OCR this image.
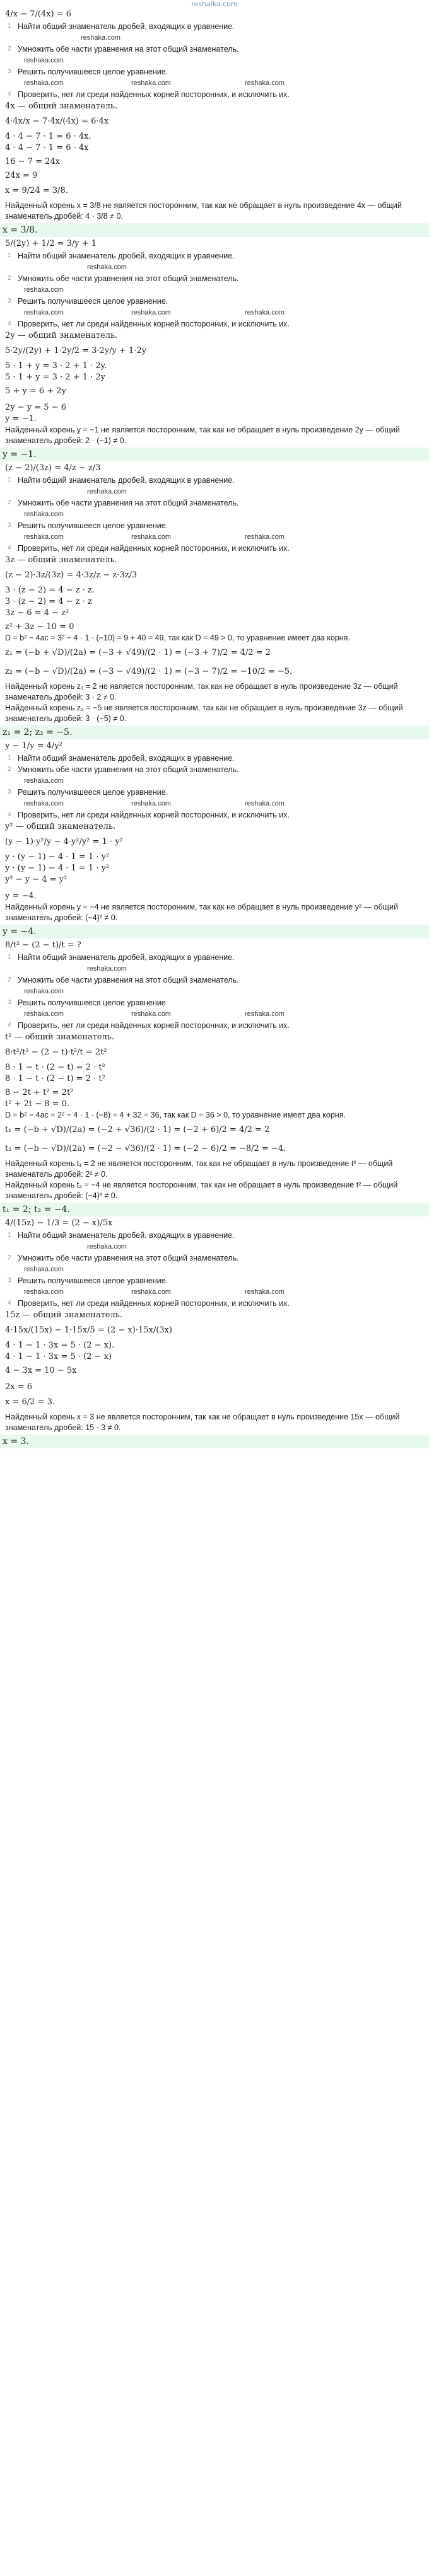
reshalka.com

4/x − 7/(4x) = 6

1 Найти общий знаменатель дробей, входящих в уравнение.
reshaka.com
2 Умножить обе части уравнения на этот общий знаменатель.
reshaka.com
3 Решить получившееся целое уравнение.
reshaka.com	reshaka.com	reshaka.com
4 Проверить, нет ли среди найденных корней посторонних, и исключить их.

4x — общий знаменатель.

4·4x/x − 7·4x/(4x) = 6·4x

4 · 4 − 7 · 1 = 6 · 4x.

4 · 4 − 7 · 1 = 6 · 4x

16 − 7 = 24x

24x = 9

x = 9/24 = 3/8.

Найденный корень x = 3/8 не является посторонним, так как не обращает в нуль произведение 4x — общий знаменатель дробей: 4 · 3/8 ≠ 0.

x = 3/8.

5/(2y) + 1/2 = 3/y + 1

1 Найти общий знаменатель дробей, входящих в уравнение.
reshaka.com
2 Умножить обе части уравнения на этот общий знаменатель.
reshaka.com
3 Решить получившееся целое уравнение.
reshaka.com	reshaka.com	reshaka.com
4 Проверить, нет ли среди найденных корней посторонних, и исключить их.

2y — общий знаменатель.

5·2y/(2y) + 1·2y/2 = 3·2y/y + 1·2y

5 · 1 + y = 3 · 2 + 1 · 2y.

5 · 1 + y = 3 · 2 + 1 · 2y

5 + y = 6 + 2y

2y − y = 5 − 6

y = −1.

Найденный корень y = −1 не является посторонним, так как не обращает в нуль произведение 2y — общий знаменатель дробей: 2 · (−1) ≠ 0.

y = −1.

(z − 2)/(3z) = 4/z − z/3

1 Найти общий знаменатель дробей, входящих в уравнение.
reshaka.com
2 Умножить обе части уравнения на этот общий знаменатель.
reshaka.com
3 Решить получившееся целое уравнение.
reshaka.com	reshaka.com	reshaka.com
4 Проверить, нет ли среди найденных корней посторонних, и исключить их.

3z — общий знаменатель.

(z − 2)·3z/(3z) = 4·3z/z − z·3z/3

3 · (z − 2) = 4 − z · z.

3 · (z − 2) = 4 − z · z

3z − 6 = 4 − z²

z² + 3z − 10 = 0

D = b² − 4ac = 3² − 4 · 1 · (−10) = 9 + 40 = 49, так как D = 49 > 0, то уравнение имеет два корня.

z₁ = (−b + √D)/(2a) = (−3 + √49)/(2 · 1) = (−3 + 7)/2 = 4/2 = 2

z₂ = (−b − √D)/(2a) = (−3 − √49)/(2 · 1) = (−3 − 7)/2 = −10/2 = −5.

Найденный корень z₁ = 2 не является посторонним, так как не обращает в нуль произведение 3z — общий знаменатель дробей: 3 · 2 ≠ 0.

Найденный корень z₂ = −5 не является посторонним, так как не обращает в нуль произведение 3z — общий знаменатель дробей: 3 · (−5) ≠ 0.

z₁ = 2; z₂ = −5.

y − 1/y = 4/y²

1 Найти общий знаменатель дробей, входящих в уравнение.
2 Умножить обе части уравнения на этот общий знаменатель.
reshaka.com
3 Решить получившееся целое уравнение.
reshaka.com	reshaka.com	reshaka.com
4 Проверить, нет ли среди найденных корней посторонних, и исключить их.

y² — общий знаменатель.

(y − 1)·y²/y − 4·y²/y² = 1 · y²

y · (y − 1) − 4 · 1 = 1 · y²

y · (y − 1) − 4 · 1 = 1 · y²

y² − y − 4 = y²

y = −4.

Найденный корень y = −4 не является посторонним, так как не обращает в нуль произведение y² — общий знаменатель дробей: (−4)² ≠ 0.

y = −4.

8/t² − (2 − t)/t = ?

1 Найти общий знаменатель дробей, входящих в уравнение.
reshaka.com
2 Умножить обе части уравнения на этот общий знаменатель.
reshaka.com
3 Решить получившееся целое уравнение.
reshaka.com	reshaka.com	reshaka.com
4 Проверить, нет ли среди найденных корней посторонних, и исключить их.

t² — общий знаменатель.

8·t²/t² − (2 − t)·t²/t = 2t²

8 · 1 − t · (2 − t) = 2 · t²

8 · 1 − t · (2 − t) = 2 · t²

8 − 2t + t² = 2t²

t² + 2t − 8 = 0.

D = b² − 4ac = 2² − 4 · 1 · (−8) = 4 + 32 = 36, так как D = 36 > 0, то уравнение имеет два корня.

t₁ = (−b + √D)/(2a) = (−2 + √36)/(2 · 1) = (−2 + 6)/2 = 4/2 = 2

t₂ = (−b − √D)/(2a) = (−2 − √36)/(2 · 1) = (−2 − 6)/2 = −8/2 = −4.

Найденный корень t₁ = 2 не является посторонним, так как не обращает в нуль произведение t² — общий знаменатель дробей: 2² ≠ 0.

Найденный корень t₂ = −4 не является посторонним, так как не обращает в нуль произведение t² — общий знаменатель дробей: (−4)² ≠ 0.

t₁ = 2; t₂ = −4.

4/(15z) − 1/3 = (2 − x)/5x

1 Найти общий знаменатель дробей, входящих в уравнение.
reshaka.com
2 Умножить обе части уравнения на этот общий знаменатель.
reshaka.com
3 Решить получившееся целое уравнение.
reshaka.com	reshaka.com	reshaka.com
4 Проверить, нет ли среди найденных корней посторонних, и исключить их.

15z — общий знаменатель.

4·15x/(15x) − 1·15x/5 = (2 − x)·15x/(3x)

4 · 1 − 1 · 3x = 5 · (2 − x).

4 · 1 − 1 · 3x = 5 · (2 − x)

4 − 3x = 10 − 5x

2x = 6

x = 6/2 = 3.

Найденный корень x = 3 не является посторонним, так как не обращает в нуль произведение 15x — общий знаменатель дробей: 15 · 3 ≠ 0.

x = 3.
